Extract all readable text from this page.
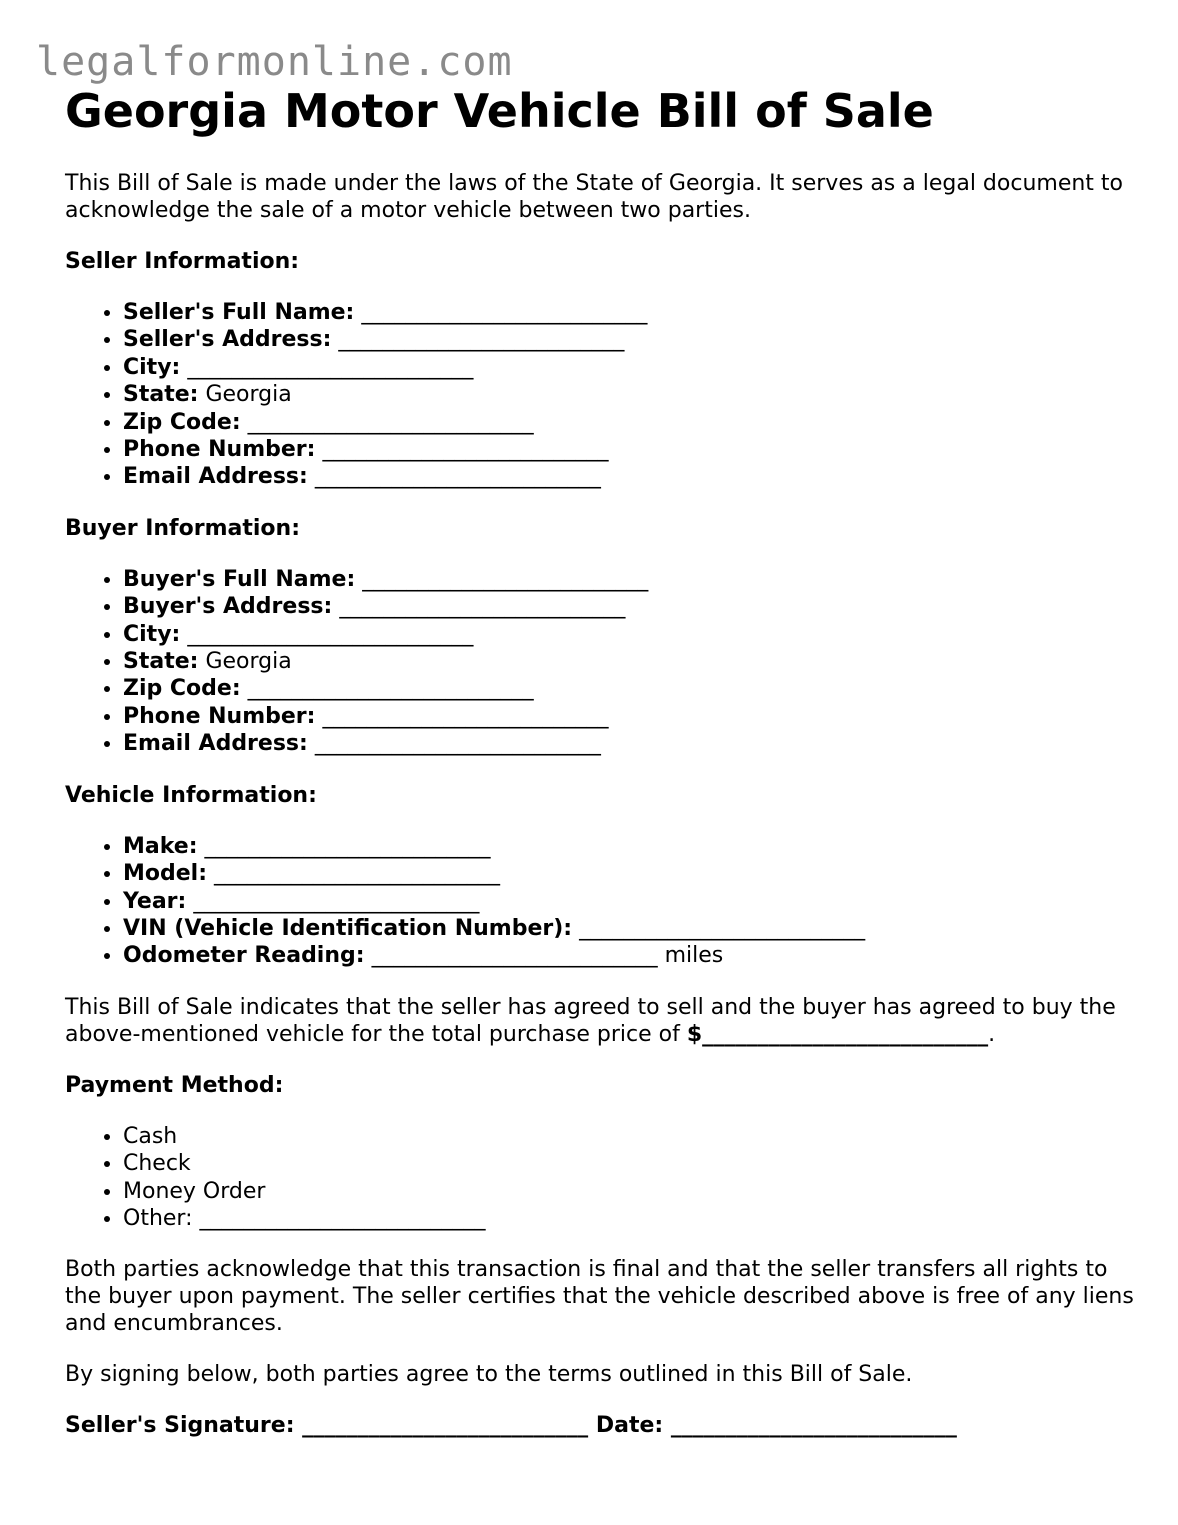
legalformonline.com
Georgia Motor Vehicle Bill of Sale

This Bill of Sale is made under the laws of the State of Georgia. It serves as a legal document to acknowledge the sale of a motor vehicle between two parties.

Seller Information:
• Seller's Full Name: __________________________
• Seller's Address: __________________________
• City: __________________________
• State: Georgia
• Zip Code: __________________________
• Phone Number: __________________________
• Email Address: __________________________
Buyer Information:
• Buyer's Full Name: __________________________
• Buyer's Address: __________________________
• City: __________________________
• State: Georgia
• Zip Code: __________________________
• Phone Number: __________________________
• Email Address: __________________________
Vehicle Information:
• Make: __________________________
• Model: __________________________
• Year: __________________________
• VIN (Vehicle Identification Number): __________________________
• Odometer Reading: __________________________ miles

This Bill of Sale indicates that the seller has agreed to sell and the buyer has agreed to buy the above-mentioned vehicle for the total purchase price of $__________________________.

Payment Method:
• Cash
• Check
• Money Order
• Other: __________________________

Both parties acknowledge that this transaction is final and that the seller transfers all rights to the buyer upon payment. The seller certifies that the vehicle described above is free of any liens and encumbrances.

By signing below, both parties agree to the terms outlined in this Bill of Sale.

Seller's Signature: __________________________ Date: __________________________
